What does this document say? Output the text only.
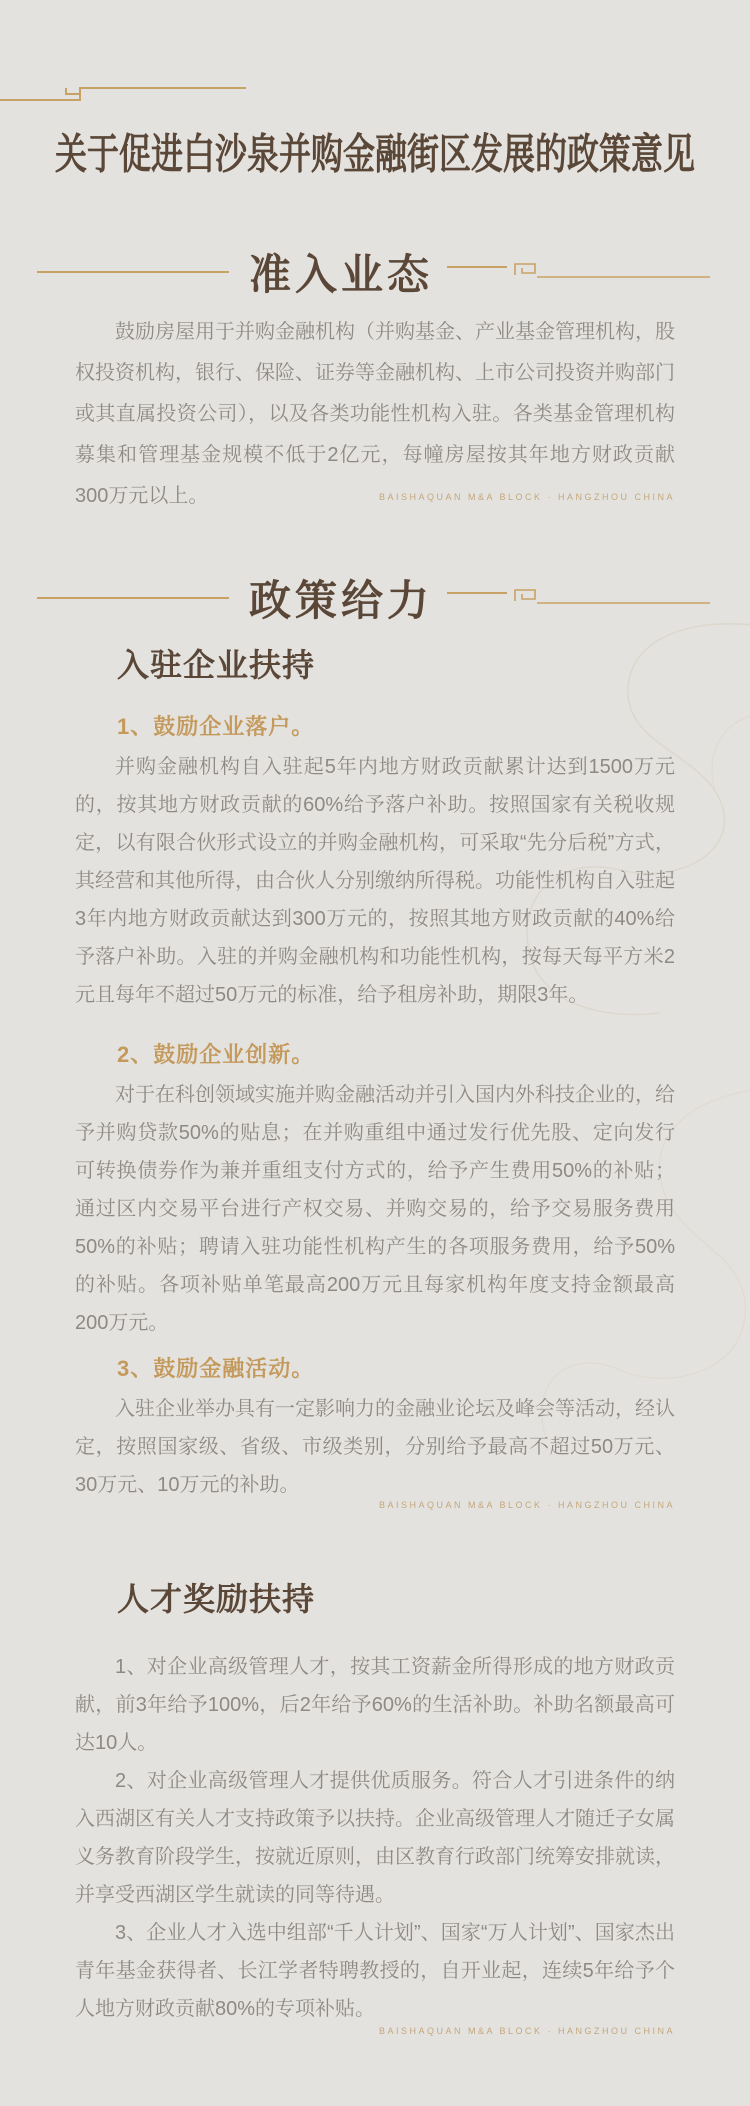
关于促进白沙泉并购金融街区发展的政策意见
准入业态

鼓励房屋用于并购金融机构（并购基金、产业基金管理机构，股权投资机构，银行、保险、证券等金融机构、上市公司投资并购部门或其直属投资公司），以及各类功能性机构入驻。各类基金管理机构募集和管理基金规模不低于2亿元，每幢房屋按其年地方财政贡献300万元以上。	BAISHAQUAN M&A BLOCK · HANGZHOU CHINA

政策给力
入驻企业扶持
1、鼓励企业落户。

并购金融机构自入驻起5年内地方财政贡献累计达到1500万元的，按其地方财政贡献的60%给予落户补助。按照国家有关税收规定，以有限合伙形式设立的并购金融机构，可采取“先分后税”方式，其经营和其他所得，由合伙人分别缴纳所得税。功能性机构自入驻起3年内地方财政贡献达到300万元的，按照其地方财政贡献的40%给予落户补助。入驻的并购金融机构和功能性机构，按每天每平方米2元且每年不超过50万元的标准，给予租房补助，期限3年。

2、鼓励企业创新。

对于在科创领域实施并购金融活动并引入国内外科技企业的，给予并购贷款50%的贴息；在并购重组中通过发行优先股、定向发行可转换债券作为兼并重组支付方式的，给予产生费用50%的补贴；通过区内交易平台进行产权交易、并购交易的，给予交易服务费用50%的补贴；聘请入驻功能性机构产生的各项服务费用，给予50%的补贴。各项补贴单笔最高200万元且每家机构年度支持金额最高200万元。

3、鼓励金融活动。

入驻企业举办具有一定影响力的金融业论坛及峰会等活动，经认定，按照国家级、省级、市级类别，分别给予最高不超过50万元、30万元、10万元的补助。

BAISHAQUAN M&A BLOCK · HANGZHOU CHINA

人才奖励扶持

1、对企业高级管理人才，按其工资薪金所得形成的地方财政贡献，前3年给予100%，后2年给予60%的生活补助。补助名额最高可达10人。

2、对企业高级管理人才提供优质服务。符合人才引进条件的纳入西湖区有关人才支持政策予以扶持。企业高级管理人才随迁子女属义务教育阶段学生，按就近原则，由区教育行政部门统筹安排就读，并享受西湖区学生就读的同等待遇。

3、企业人才入选中组部“千人计划”、国家“万人计划”、国家杰出青年基金获得者、长江学者特聘教授的，自开业起，连续5年给予个人地方财政贡献80%的专项补贴。

BAISHAQUAN M&A BLOCK · HANGZHOU CHINA
